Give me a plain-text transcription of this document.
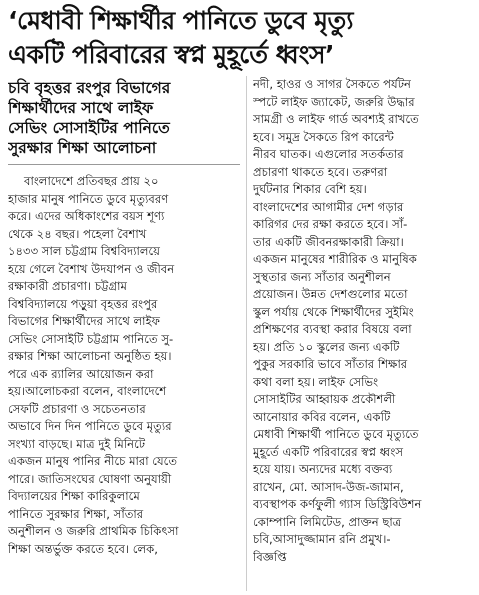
‘মেধাবী শিক্ষার্থীর পানিতে ডুবে মৃত্যু
একটি পরিবারের স্বপ্ন মুহূর্তে ধ্বংস’
চবি বৃহত্তর রংপুর বিভাগের
শিক্ষার্থীদের সাথে লাইফ
সেভিং সোসাইটির পানিতে
সুরক্ষার শিক্ষা আলোচনা
বাংলাদেশে প্রতিবছর প্রায় ২০
হাজার মানুষ পানিতে ডুবে মৃত্যুবরণ
করে। এদের অধিকাংশের বয়স শূণ্য
থেকে ২৪ বছর। পহেলা বৈশাখ
১৪৩৩ সাল চট্টগ্রাম বিশ্ববিদ্যালয়ে
হয়ে গেলে বৈশাখ উদযাপন ও জীবন
রক্ষাকারী প্রচারণা। চট্টগ্রাম
বিশ্ববিদ্যালয়ে পড়ুয়া বৃহত্তর রংপুর
বিভাগের শিক্ষার্থীদের সাথে লাইফ
সেভিং সোসাইটি চট্টগ্রাম পানিতে সু-
রক্ষার শিক্ষা আলোচনা অনুষ্ঠিত হয়।
পরে এক র‍্যালির আয়োজন করা
হয়।আলোচকরা বলেন, বাংলাদেশে
সেফটি প্রচারণা ও সচেতনতার
অভাবে দিন দিন পানিতে ডুবে মৃত্যুর
সংখ্যা বাড়ছে। মাত্র দুই মিনিটে
একজন মানুষ পানির নীচে মারা যেতে
পারে। জাতিসংঘের ঘোষণা অনুযায়ী
বিদ্যালয়ের শিক্ষা কারিকুলামে
পানিতে সুরক্ষার শিক্ষা, সাঁতার
অনুশীলন ও জরুরি প্রাথমিক চিকিৎসা
শিক্ষা অন্তর্ভুক্ত করতে হবে। লেক,
নদী, হাওর ও সাগর সৈকতে পর্যটন
স্পটে লাইফ জ্যাকেট, জরুরি উদ্ধার
সামগ্রী ও লাইফ গার্ড অবশ্যই রাখতে
হবে। সমুদ্র সৈকতে রিপ কারেন্ট
নীরব ঘাতক। এগুলোর সতর্কতার
প্রচারণা থাকতে হবে। তরুণরা
দুর্ঘটনার শিকার বেশি হয়।
বাংলাদেশের আগামীর দেশ গড়ার
কারিগর দের রক্ষা করতে হবে। সাঁ-
তার একটি জীবনরক্ষাকারী ক্রিয়া।
একজন মানুষের শারীরিক ও মানুষিক
সুস্থতার জন্য সাঁতার অনুশীলন
প্রয়োজন। উন্নত দেশগুলোর মতো
স্কুল পর্যায় থেকে শিক্ষার্থীদের সুইমিং
প্রশিক্ষণের ব্যবস্থা করার বিষয়ে বলা
হয়। প্রতি ১০ স্কুলের জন্য একটি
পুকুর সরকারি ভাবে সাঁতার শিক্ষার
কথা বলা হয়। লাইফ সেভিং
সোসাইটির আহ্বায়ক প্রকৌশলী
আনোয়ার কবির বলেন, একটি
মেধাবী শিক্ষার্থী পানিতে ডুবে মৃত্যুতে
মুহূর্তে একটি পরিবারের স্বপ্ন ধ্বংস
হয়ে যায়। অন্যদের মধ্যে বক্তব্য
রাখেন, মো. আসাদ-উজ-জামান,
ব্যবস্থাপক কর্ণফুলী গ্যাস ডিস্ট্রিবিউশন
কোম্পানি লিমিটেড, প্রাক্তন ছাত্র
চবি,আসাদুজ্জামান রনি প্রমুখ।-
বিজ্ঞপ্তি
